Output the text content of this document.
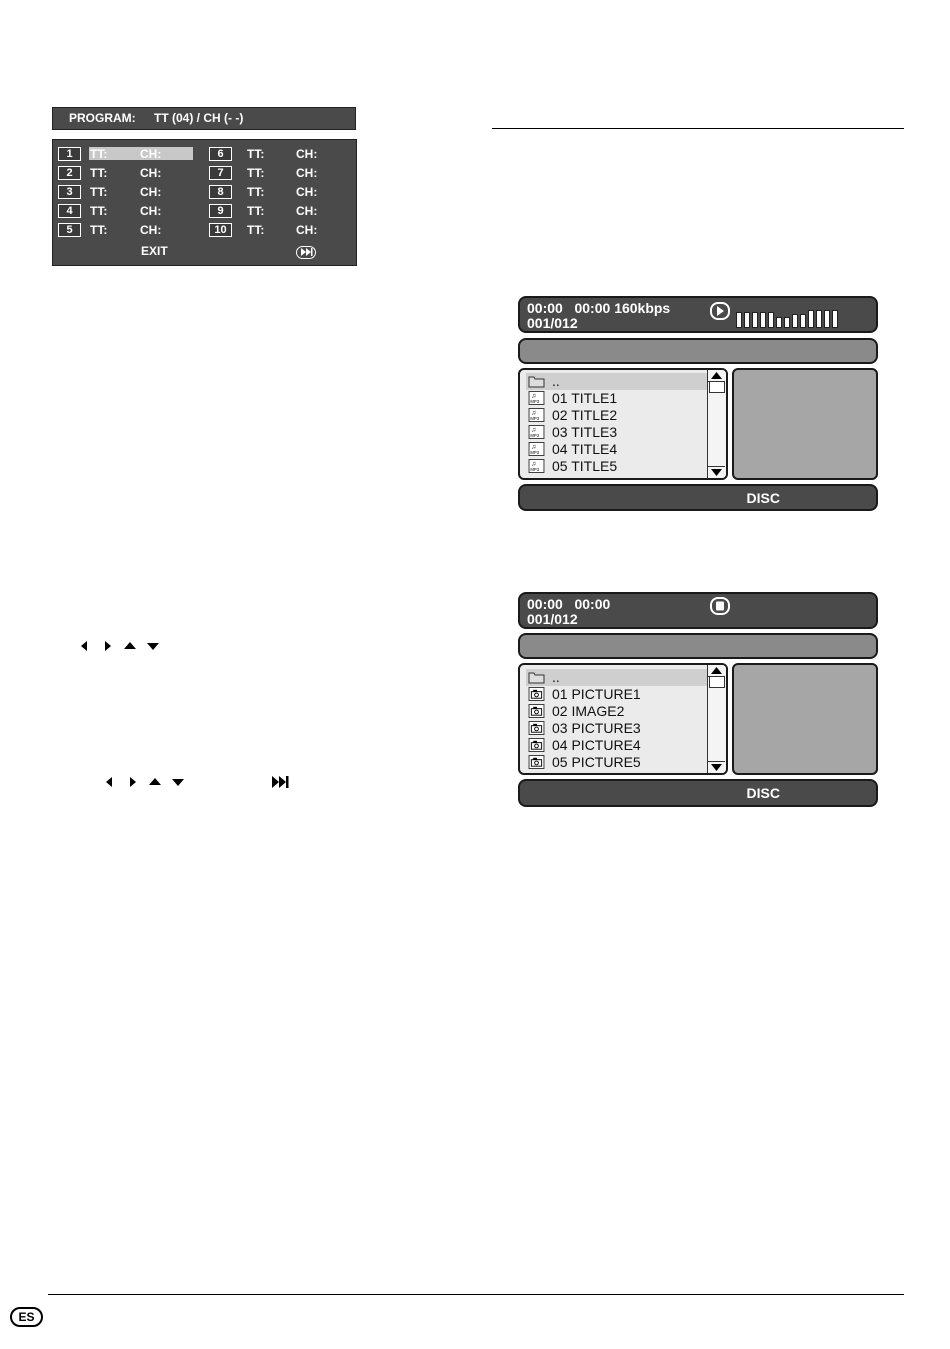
PROGRAM: TT (04) / CH (- -)
1	TT:	CH:
2	TT:	CH:
3	TT:	CH:
4	TT:	CH:
5	TT:	CH:
6	TT:	CH:
7	TT:	CH:
8	TT:	CH:
9	TT:	CH:
10	TT:	CH:
EXIT
00:00 00:00 160kbps
001/012
..
♫
MP3 01 TITLE1
♫
MP3 02 TITLE2
♫
MP3 03 TITLE3
♫
MP3 04 TITLE4
♫
MP3 05 TITLE5
DISC
00:00 00:00
001/012
..
01 PICTURE1
02 IMAGE2
03 PICTURE3
04 PICTURE4
05 PICTURE5
DISC
ES
